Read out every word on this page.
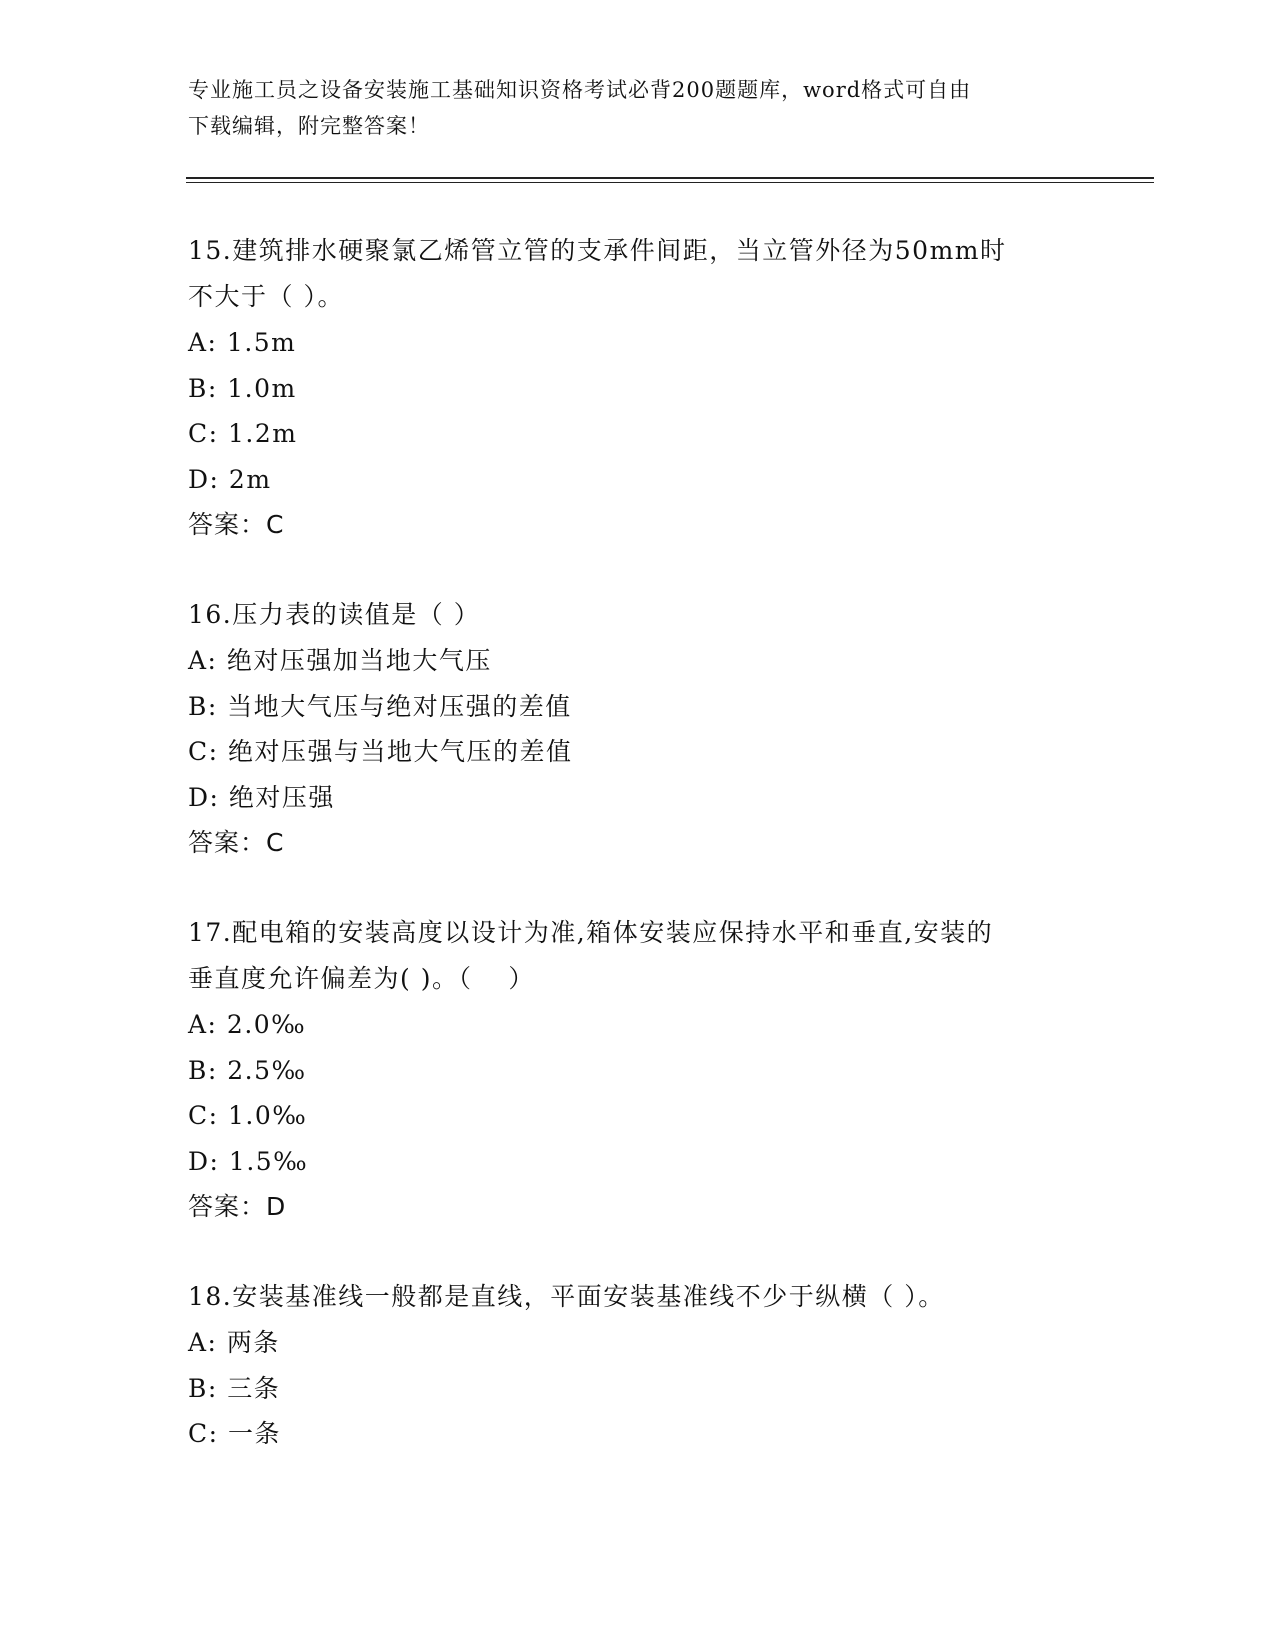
专业施工员之设备安装施工基础知识资格考试必背200题题库，word格式可自由
下载编辑，附完整答案！
15.建筑排水硬聚氯乙烯管立管的支承件间距，当立管外径为50mm时
不大于（ ）。
A: 1.5m
B: 1.0m
C: 1.2m
D: 2m
答案：C
16.压力表的读值是（ ）
A: 绝对压强加当地大气压
B: 当地大气压与绝对压强的差值
C: 绝对压强与当地大气压的差值
D: 绝对压强
答案：C
17.配电箱的安装高度以设计为准,箱体安装应保持水平和垂直,安装的
垂直度允许偏差为( )。（　 ）
A: 2.0‰
B: 2.5‰
C: 1.0‰
D: 1.5‰
答案：D
18.安装基准线一般都是直线，平面安装基准线不少于纵横（ ）。
A: 两条
B: 三条
C: 一条
